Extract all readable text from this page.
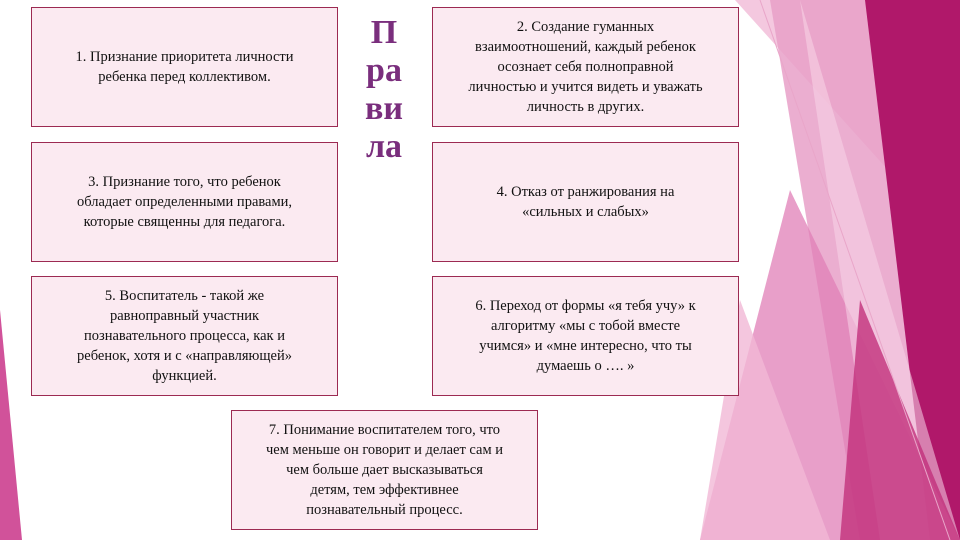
П
ра
ви
ла
1. Признание приоритета личности
ребенка перед коллективом.
2. Создание гуманных
взаимоотношений, каждый ребенок
осознает себя полноправной
личностью и учится видеть и уважать
личность в других.
3. Признание того, что ребенок
обладает определенными правами,
которые священны для педагога.
4. Отказ от ранжирования на
«сильных и слабых»
5. Воспитатель - такой же
равноправный участник
познавательного процесса, как и
ребенок, хотя и с «направляющей»
функцией.
6. Переход от формы «я тебя учу» к
алгоритму «мы с тобой вместе
учимся» и «мне интересно, что ты
думаешь о …. »
7. Понимание воспитателем того, что
чем меньше он говорит и делает сам и
чем больше дает высказываться
детям, тем эффективнее
познавательный процесс.
